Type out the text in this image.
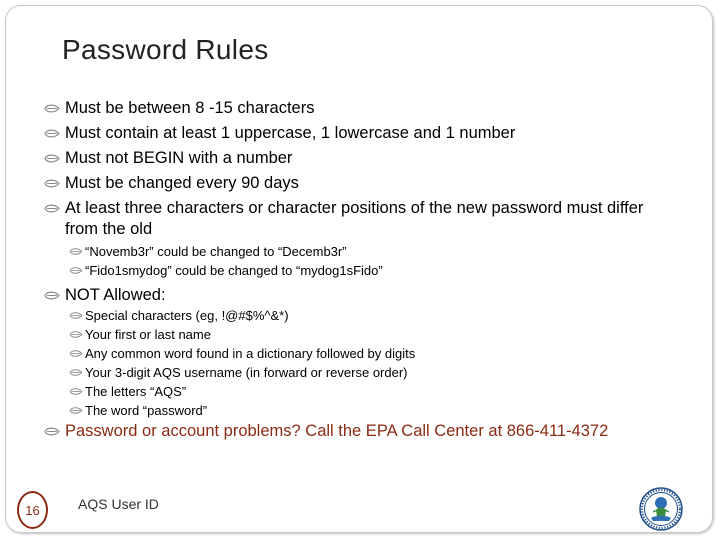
Password Rules
Must be between 8 -15 characters
Must contain at least 1 uppercase, 1 lowercase and 1 number
Must not BEGIN with a number
Must be changed every 90 days
At least three characters or character positions of the new password must differ from the old
“Novemb3r” could be changed to “Decemb3r”
“Fido1smydog” could be changed to “mydog1sFido”
NOT Allowed:
Special characters (eg, !@#$%^&*)
Your first or last name
Any common word found in a dictionary followed by digits
Your 3-digit AQS username (in forward or reverse order)
The letters “AQS”
The word “password”
Password or account problems? Call the EPA Call Center at 866-411-4372
16	AQS User ID
